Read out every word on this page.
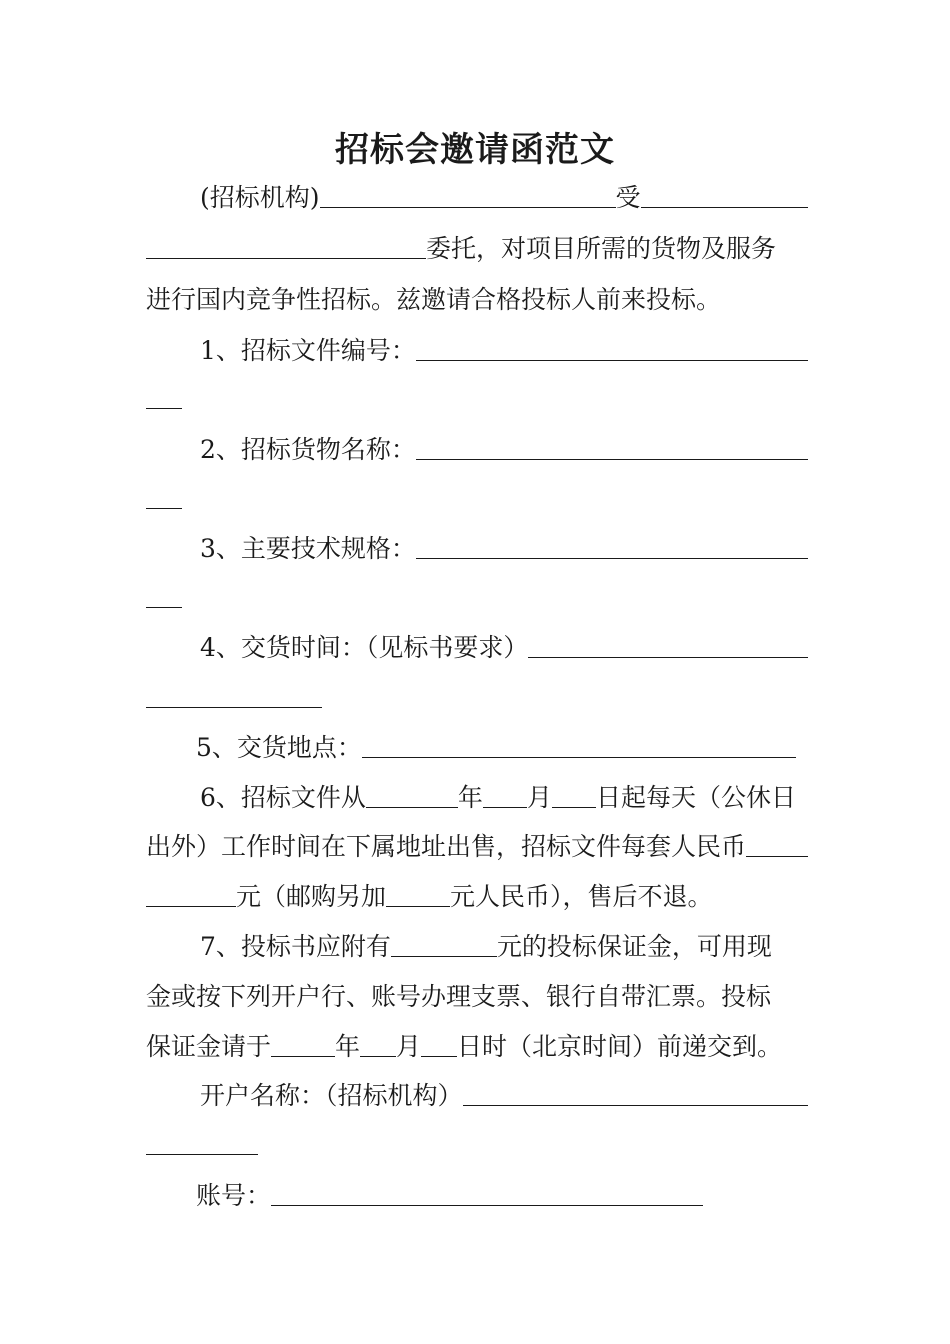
招标会邀请函范文
(招标机构)	受
委托，对项目所需的货物及服务
进行国内竞争性招标。兹邀请合格投标人前来投标。
1、招标文件编号：
2、招标货物名称：
3、主要技术规格：
4、交货时间：（见标书要求）
5、交货地点：
6、招标文件从	年 月 日起每天（公休日
出外）工作时间在下属地址出售，招标文件每套人民币
元（邮购另加	元人民币），售后不退。
7、投标书应附有	元的投标保证金，可用现
金或按下列开户行、账号办理支票、银行自带汇票。投标
保证金请于	年 月 日时（北京时间）前递交到。
开户名称：（招标机构）
账号：
